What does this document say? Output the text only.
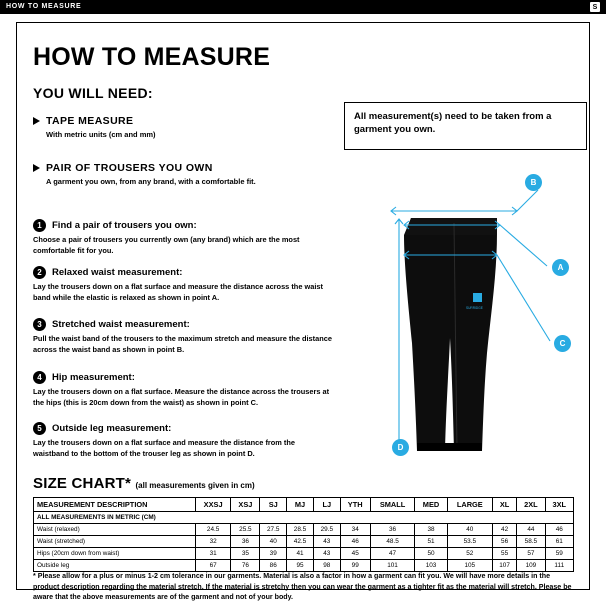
HOW TO MEASURE	S
HOW TO MEASURE
YOU WILL NEED:
TAPE MEASURE
With metric units (cm and mm)
PAIR OF TROUSERS YOU OWN
A garment you own, from any brand, with a comfortable fit.

All measurement(s) need to be taken from a garment you own.

1	Find a pair of trousers you own:
Choose a pair of trousers you currently own (any brand) which are the most comfortable fit for you.
2	Relaxed waist measurement:
Lay the trousers down on a flat surface and measure the distance across the waist band while the elastic is relaxed as shown in point A.
3	Stretched waist measurement:
Pull the waist band of the trousers to the maximum stretch and measure the distance across the waist band as shown in point B.
4	Hip measurement:
Lay the trousers down on a flat surface. Measure the distance across the trousers at the hips (this is 20cm down from the waist) as shown in point C.
5	Outside leg measurement:
Lay the trousers down on a flat surface and measure the distance from the waistband to the bottom of the trouser leg as shown in point D.
SURRIDGE
B
A
C
D
SIZE CHART* (all measurements given in cm)
MEASUREMENT DESCRIPTION	XXSJ	XSJ	SJ	MJ	LJ	YTH	SMALL	MED	LARGE	XL	2XL	3XL
ALL MEASUREMENTS IN METRIC (CM)												
Waist (relaxed)	24.5	25.5	27.5	28.5	29.5	34	36	38	40	42	44	46
Waist (stretched)	32	36	40	42.5	43	46	48.5	51	53.5	56	58.5	61
Hips (20cm down from waist)	31	35	39	41	43	45	47	50	52	55	57	59
Outside leg	67	76	86	95	98	99	101	103	105	107	109	111
* Please allow for a plus or minus 1-2 cm tolerance in our garments. Material is also a factor in how a garment can fit you. We will have more details in the product description regarding the material stretch. If the material is stretchy then you can wear the garment as a tighter fit as the material will stretch. Please be aware that the above measurements are of the garment and not of your body.
